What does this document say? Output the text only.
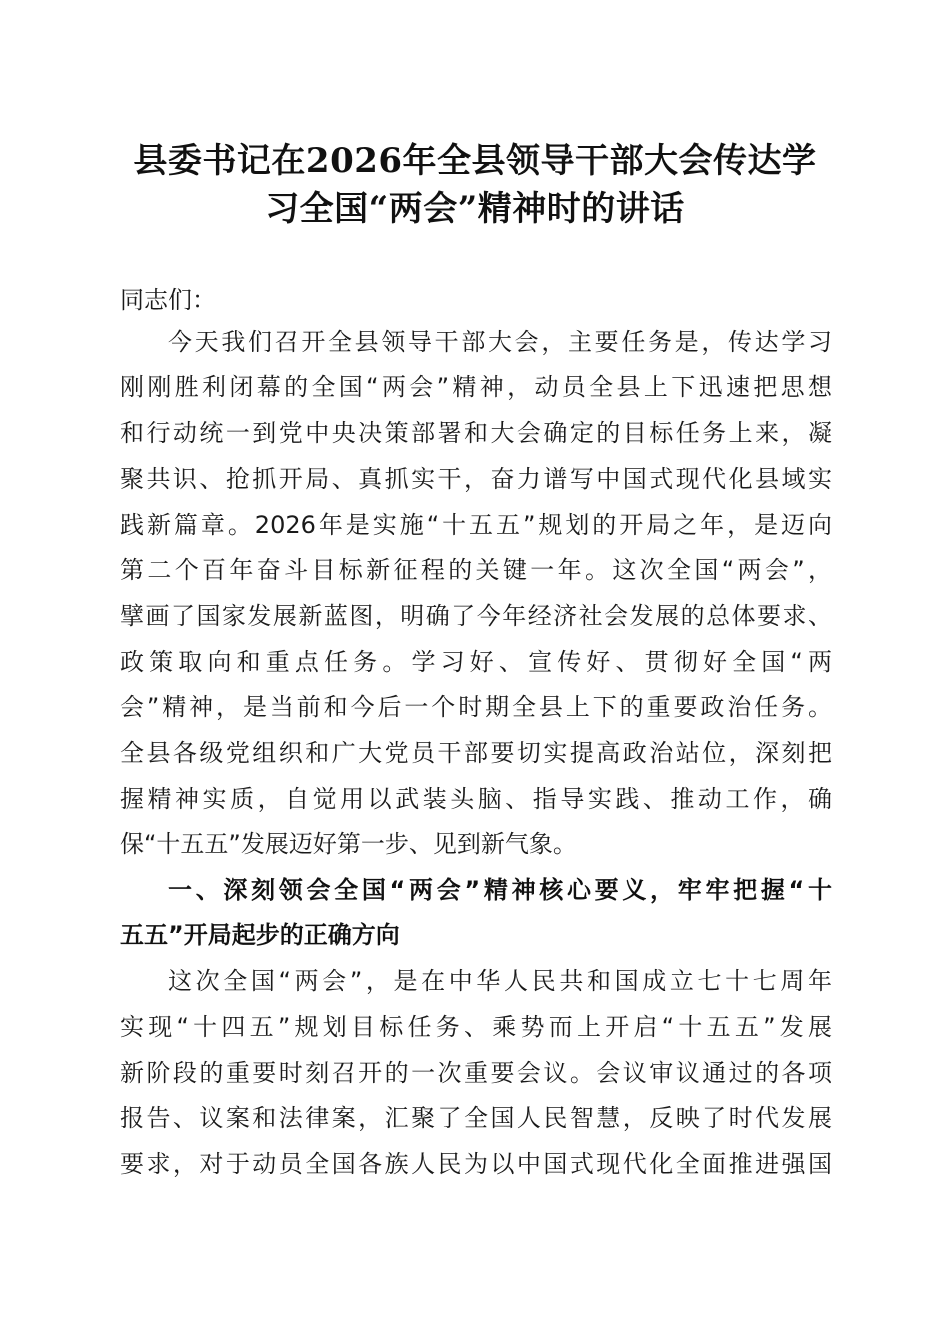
县委书记在2026年全县领导干部大会传达学
习全国“两会”精神时的讲话
同志们：
今天我们召开全县领导干部大会，主要任务是，传达学习
刚刚胜利闭幕的全国“两会”精神，动员全县上下迅速把思想
和行动统一到党中央决策部署和大会确定的目标任务上来，凝
聚共识、抢抓开局、真抓实干，奋力谱写中国式现代化县域实
践新篇章。2026年是实施“十五五”规划的开局之年，是迈向
第二个百年奋斗目标新征程的关键一年。这次全国“两会”，
擘画了国家发展新蓝图，明确了今年经济社会发展的总体要求、
政策取向和重点任务。学习好、宣传好、贯彻好全国“两
会”精神，是当前和今后一个时期全县上下的重要政治任务。
全县各级党组织和广大党员干部要切实提高政治站位，深刻把
握精神实质，自觉用以武装头脑、指导实践、推动工作，确
保“十五五”发展迈好第一步、见到新气象。
一、深刻领会全国“两会”精神核心要义，牢牢把握“十
五五”开局起步的正确方向
这次全国“两会”，是在中华人民共和国成立七十七周年
实现“十四五”规划目标任务、乘势而上开启“十五五”发展
新阶段的重要时刻召开的一次重要会议。会议审议通过的各项
报告、议案和法律案，汇聚了全国人民智慧，反映了时代发展
要求，对于动员全国各族人民为以中国式现代化全面推进强国
